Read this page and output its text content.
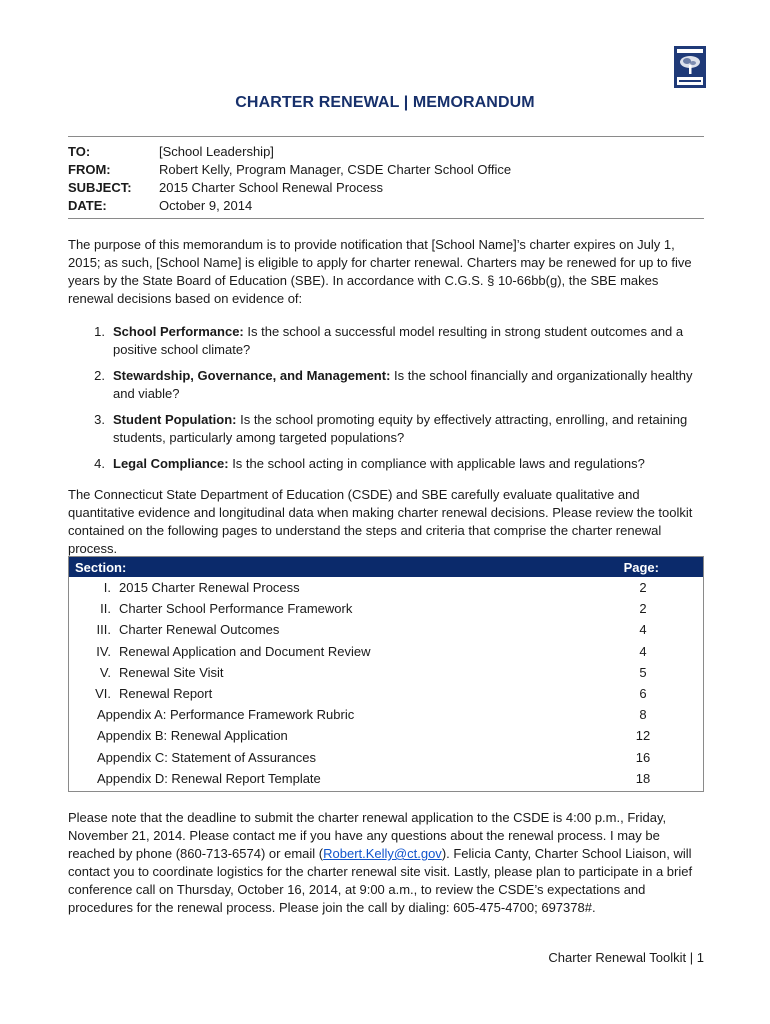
CHARTER RENEWAL | MEMORANDUM
TO:	[School Leadership]
FROM:	Robert Kelly, Program Manager, CSDE Charter School Office
SUBJECT:	2015 Charter School Renewal Process
DATE:	October 9, 2014
The purpose of this memorandum is to provide notification that [School Name]’s charter expires on July 1, 2015; as such, [School Name] is eligible to apply for charter renewal. Charters may be renewed for up to five years by the State Board of Education (SBE). In accordance with C.G.S. § 10-66bb(g), the SBE makes renewal decisions based on evidence of:
1. School Performance: Is the school a successful model resulting in strong student outcomes and a positive school climate?
2. Stewardship, Governance, and Management: Is the school financially and organizationally healthy and viable?
3. Student Population: Is the school promoting equity by effectively attracting, enrolling, and retaining students, particularly among targeted populations?
4. Legal Compliance: Is the school acting in compliance with applicable laws and regulations?
The Connecticut State Department of Education (CSDE) and SBE carefully evaluate qualitative and quantitative evidence and longitudinal data when making charter renewal decisions. Please review the toolkit contained on the following pages to understand the steps and criteria that comprise the charter renewal process.
Section:	Page:
I. 2015 Charter Renewal Process	2
II. Charter School Performance Framework	2
III. Charter Renewal Outcomes	4
IV. Renewal Application and Document Review	4
V. Renewal Site Visit	5
VI. Renewal Report	6
Appendix A: Performance Framework Rubric	8
Appendix B: Renewal Application	12
Appendix C: Statement of Assurances	16
Appendix D: Renewal Report Template	18
Please note that the deadline to submit the charter renewal application to the CSDE is 4:00 p.m., Friday, November 21, 2014. Please contact me if you have any questions about the renewal process. I may be reached by phone (860-713-6574) or email (Robert.Kelly@ct.gov). Felicia Canty, Charter School Liaison, will contact you to coordinate logistics for the charter renewal site visit. Lastly, please plan to participate in a brief conference call on Thursday, October 16, 2014, at 9:00 a.m., to review the CSDE’s expectations and procedures for the renewal process. Please join the call by dialing: 605-475-4700; 697378#.
Charter Renewal Toolkit | 1
